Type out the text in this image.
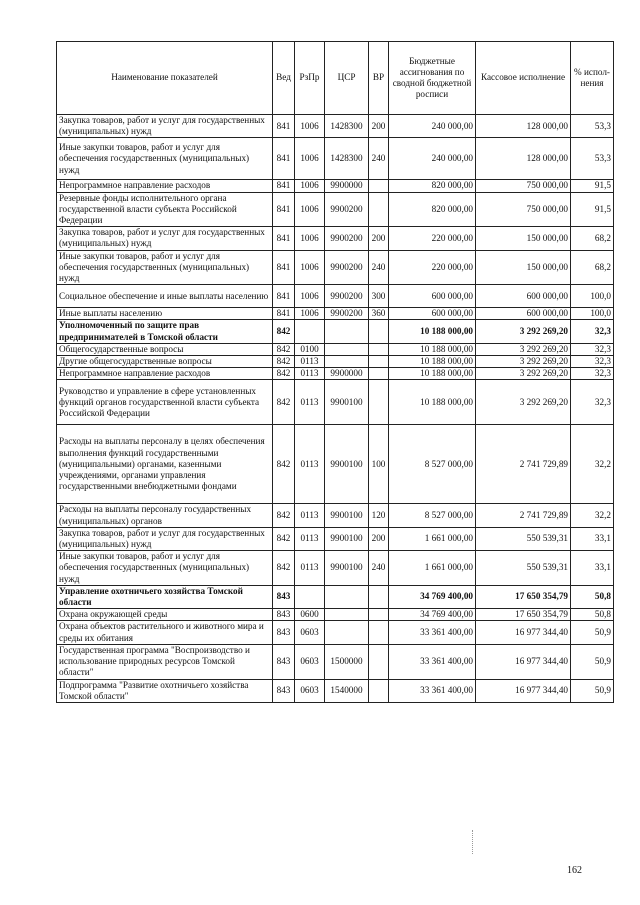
Наименование показателей	Вед	РзПр	ЦСР	ВР	Бюджетные ассигнования по сводной бюджетной росписи	Кассовое исполнение	% испол-нения
Закупка товаров, работ и услуг для государственных (муниципальных) нужд	841	1006	1428300	200	240 000,00	128 000,00	53,3
Иные закупки товаров, работ и услуг для обеспечения государственных (муниципальных) нужд	841	1006	1428300	240	240 000,00	128 000,00	53,3
Непрограммное направление расходов	841	1006	9900000		820 000,00	750 000,00	91,5
Резервные фонды исполнительного органа государственной власти субъекта Российской Федерации	841	1006	9900200		820 000,00	750 000,00	91,5
Закупка товаров, работ и услуг для государственных (муниципальных) нужд	841	1006	9900200	200	220 000,00	150 000,00	68,2
Иные закупки товаров, работ и услуг для обеспечения государственных (муниципальных) нужд	841	1006	9900200	240	220 000,00	150 000,00	68,2
Социальное обеспечение и иные выплаты населению	841	1006	9900200	300	600 000,00	600 000,00	100,0
Иные выплаты населению	841	1006	9900200	360	600 000,00	600 000,00	100,0
Уполномоченный по защите прав предпринимателей в Томской области	842				10 188 000,00	3 292 269,20	32,3
Общегосударственные вопросы	842	0100			10 188 000,00	3 292 269,20	32,3
Другие общегосударственные вопросы	842	0113			10 188 000,00	3 292 269,20	32,3
Непрограммное направление расходов	842	0113	9900000		10 188 000,00	3 292 269,20	32,3
Руководство и управление в сфере установленных функций органов государственной власти субъекта Российской Федерации	842	0113	9900100		10 188 000,00	3 292 269,20	32,3
Расходы на выплаты персоналу в целях обеспечения выполнения функций государственными (муниципальными) органами, казенными учреждениями, органами управления государственными внебюджетными фондами	842	0113	9900100	100	8 527 000,00	2 741 729,89	32,2
Расходы на выплаты персоналу государственных (муниципальных) органов	842	0113	9900100	120	8 527 000,00	2 741 729,89	32,2
Закупка товаров, работ и услуг для государственных (муниципальных) нужд	842	0113	9900100	200	1 661 000,00	550 539,31	33,1
Иные закупки товаров, работ и услуг для обеспечения государственных (муниципальных) нужд	842	0113	9900100	240	1 661 000,00	550 539,31	33,1
Управление охотничьего хозяйства Томской области	843				34 769 400,00	17 650 354,79	50,8
Охрана окружающей среды	843	0600			34 769 400,00	17 650 354,79	50,8
Охрана объектов растительного и животного мира и среды их обитания	843	0603			33 361 400,00	16 977 344,40	50,9
Государственная программа "Воспроизводство и использование природных ресурсов Томской области"	843	0603	1500000		33 361 400,00	16 977 344,40	50,9
Подпрограмма "Развитие охотничьего хозяйства Томской области"	843	0603	1540000		33 361 400,00	16 977 344,40	50,9
162
